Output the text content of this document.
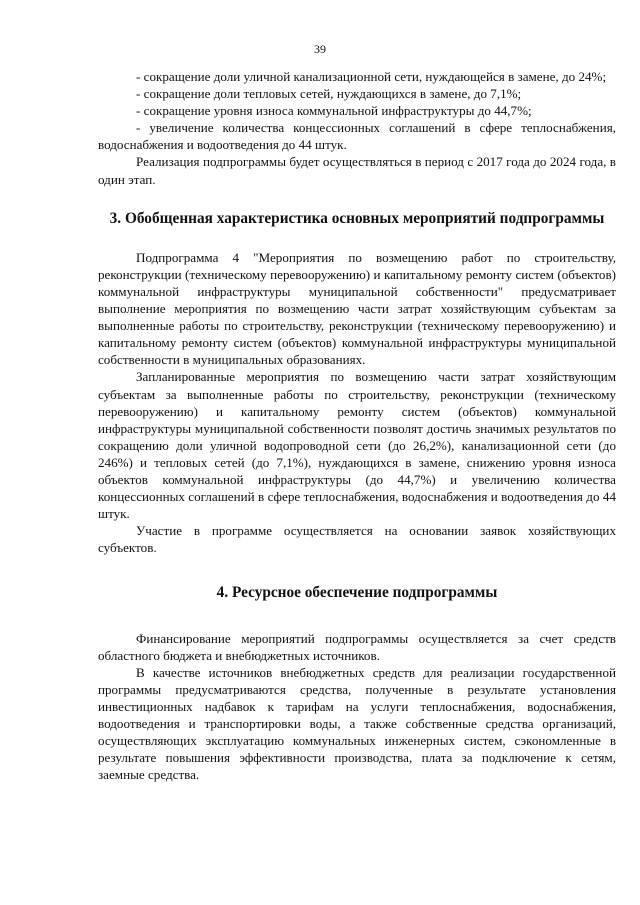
39

- сокращение доли уличной канализационной сети, нуждающейся в замене, до 24%;

- сокращение доли тепловых сетей, нуждающихся в замене, до 7,1%;

- сокращение уровня износа коммунальной инфраструктуры до 44,7%;

- увеличение количества концессионных соглашений в сфере теплоснабжения, водоснабжения и водоотведения до 44 штук.

Реализация подпрограммы будет осуществляться в период с 2017 года до 2024 года, в один этап.

3. Обобщенная характеристика основных мероприятий подпрограммы

Подпрограмма 4 "Мероприятия по возмещению работ по строительству, реконструкции (техническому перевооружению) и капитальному ремонту систем (объектов) коммунальной инфраструктуры муниципальной собственности" предусматривает выполнение мероприятия по возмещению части затрат хозяйствующим субъектам за выполненные работы по строительству, реконструкции (техническому перевооружению) и капитальному ремонту систем (объектов) коммунальной инфраструктуры муниципальной собственности в муниципальных образованиях.

Запланированные мероприятия по возмещению части затрат хозяйствующим субъектам за выполненные работы по строительству, реконструкции (техническому перевооружению) и капитальному ремонту систем (объектов) коммунальной инфраструктуры муниципальной собственности позволят достичь значимых результатов по сокращению доли уличной водопроводной сети (до 26,2%), канализационной сети (до 246%) и тепловых сетей (до 7,1%), нуждающихся в замене, снижению уровня износа объектов коммунальной инфраструктуры (до 44,7%) и увеличению количества концессионных соглашений в сфере теплоснабжения, водоснабжения и водоотведения до 44 штук.

Участие в программе осуществляется на основании заявок хозяйствующих субъектов.

4. Ресурсное обеспечение подпрограммы

Финансирование мероприятий подпрограммы осуществляется за счет средств областного бюджета и внебюджетных источников.

В качестве источников внебюджетных средств для реализации государственной программы предусматриваются средства, полученные в результате установления инвестиционных надбавок к тарифам на услуги теплоснабжения, водоснабжения, водоотведения и транспортировки воды, а также собственные средства организаций, осуществляющих эксплуатацию коммунальных инженерных систем, сэкономленные в результате повышения эффективности производства, плата за подключение к сетям, заемные средства.
